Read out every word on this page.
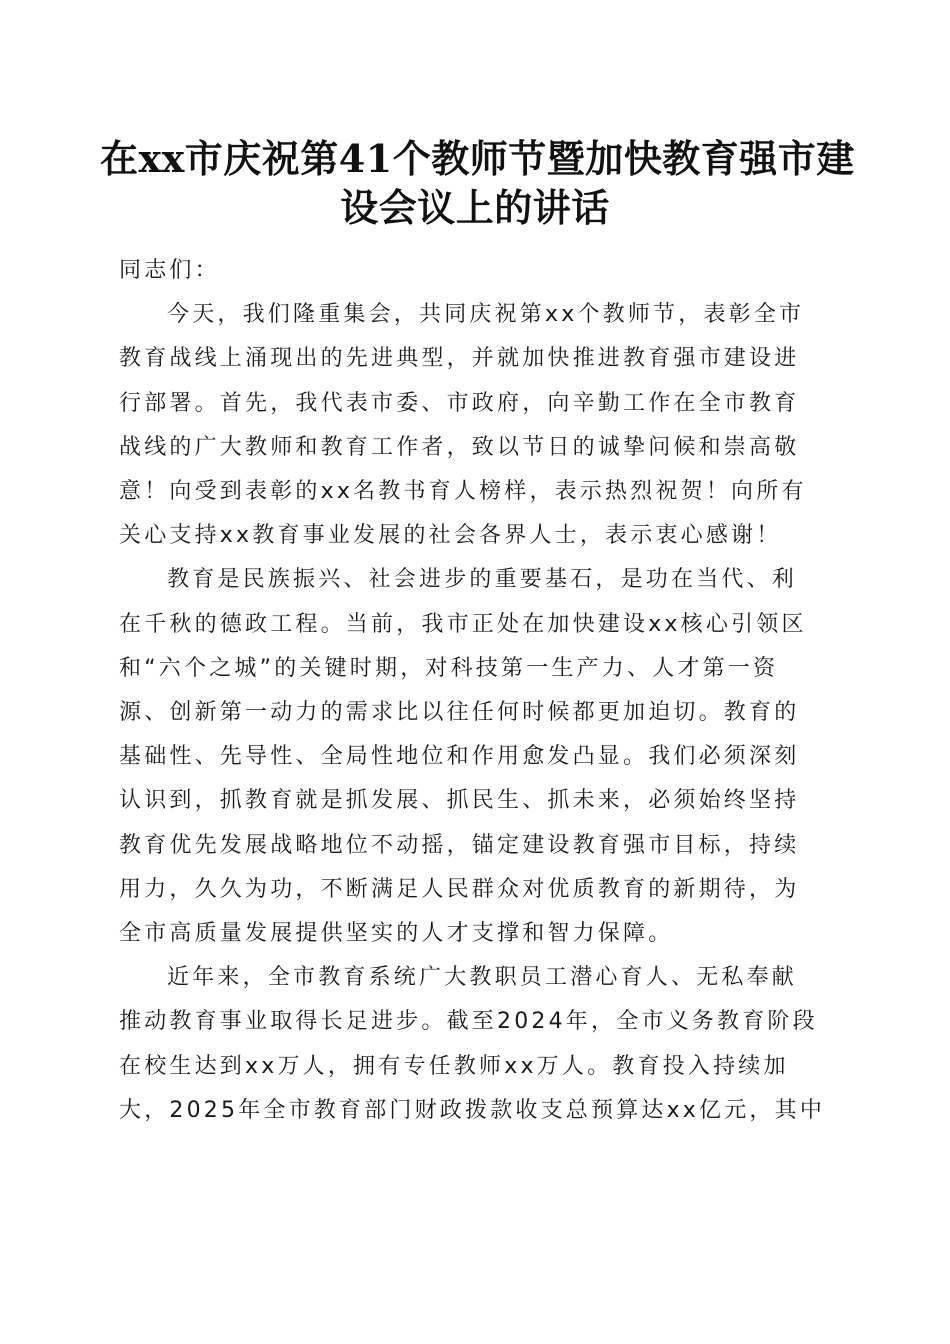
在xx市庆祝第41个教师节暨加快教育强市建
设会议上的讲话

同志们：

今天，我们隆重集会，共同庆祝第xx个教师节，表彰全市
教育战线上涌现出的先进典型，并就加快推进教育强市建设进
行部署。首先，我代表市委、市政府，向辛勤工作在全市教育
战线的广大教师和教育工作者，致以节日的诚挚问候和崇高敬
意！向受到表彰的xx名教书育人榜样，表示热烈祝贺！向所有
关心支持xx教育事业发展的社会各界人士，表示衷心感谢！

教育是民族振兴、社会进步的重要基石，是功在当代、利
在千秋的德政工程。当前，我市正处在加快建设xx核心引领区
和“六个之城”的关键时期，对科技第一生产力、人才第一资
源、创新第一动力的需求比以往任何时候都更加迫切。教育的
基础性、先导性、全局性地位和作用愈发凸显。我们必须深刻
认识到，抓教育就是抓发展、抓民生、抓未来，必须始终坚持
教育优先发展战略地位不动摇，锚定建设教育强市目标，持续
用力，久久为功，不断满足人民群众对优质教育的新期待，为
全市高质量发展提供坚实的人才支撑和智力保障。

近年来，全市教育系统广大教职员工潜心育人、无私奉献
推动教育事业取得长足进步。截至2024年，全市义务教育阶段
在校生达到xx万人，拥有专任教师xx万人。教育投入持续加
大，2025年全市教育部门财政拨款收支总预算达xx亿元，其中
